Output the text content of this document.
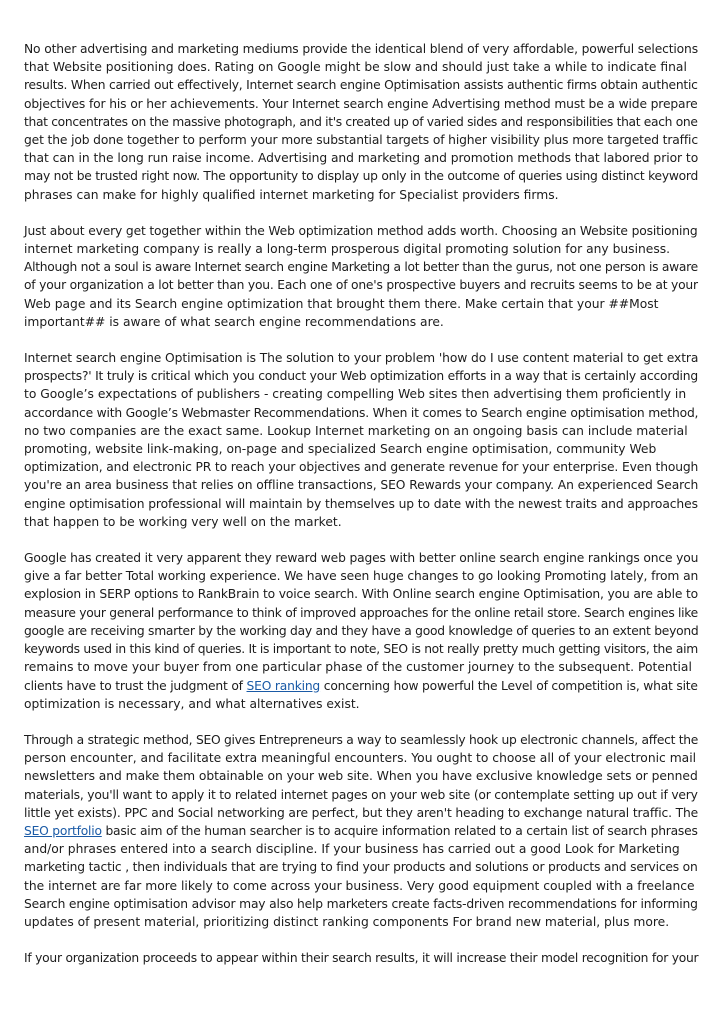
No other advertising and marketing mediums provide the identical blend of very affordable, powerful selections
that Website positioning does. Rating on Google might be slow and should just take a while to indicate final
results. When carried out effectively, Internet search engine Optimisation assists authentic firms obtain authentic
objectives for his or her achievements. Your Internet search engine Advertising method must be a wide prepare
that concentrates on the massive photograph, and it's created up of varied sides and responsibilities that each one
get the job done together to perform your more substantial targets of higher visibility plus more targeted traffic
that can in the long run raise income. Advertising and marketing and promotion methods that labored prior to
may not be trusted right now. The opportunity to display up only in the outcome of queries using distinct keyword
phrases can make for highly qualified internet marketing for Specialist providers firms.

Just about every get together within the Web optimization method adds worth. Choosing an Website positioning
internet marketing company is really a long-term prosperous digital promoting solution for any business.
Although not a soul is aware Internet search engine Marketing a lot better than the gurus, not one person is aware
of your organization a lot better than you. Each one of one's prospective buyers and recruits seems to be at your
Web page and its Search engine optimization that brought them there. Make certain that your ##Most
important## is aware of what search engine recommendations are.

Internet search engine Optimisation is The solution to your problem 'how do I use content material to get extra
prospects?' It truly is critical which you conduct your Web optimization efforts in a way that is certainly according
to Google’s expectations of publishers - creating compelling Web sites then advertising them proficiently in
accordance with Google’s Webmaster Recommendations. When it comes to Search engine optimisation method,
no two companies are the exact same. Lookup Internet marketing on an ongoing basis can include material
promoting, website link-making, on-page and specialized Search engine optimisation, community Web
optimization, and electronic PR to reach your objectives and generate revenue for your enterprise. Even though
you're an area business that relies on offline transactions, SEO Rewards your company. An experienced Search
engine optimisation professional will maintain by themselves up to date with the newest traits and approaches
that happen to be working very well on the market.

Google has created it very apparent they reward web pages with better online search engine rankings once you
give a far better Total working experience. We have seen huge changes to go looking Promoting lately, from an
explosion in SERP options to RankBrain to voice search. With Online search engine Optimisation, you are able to
measure your general performance to think of improved approaches for the online retail store. Search engines like
google are receiving smarter by the working day and they have a good knowledge of queries to an extent beyond
keywords used in this kind of queries. It is important to note, SEO is not really pretty much getting visitors, the aim
remains to move your buyer from one particular phase of the customer journey to the subsequent. Potential
clients have to trust the judgment of SEO ranking concerning how powerful the Level of competition is, what site
optimization is necessary, and what alternatives exist.

Through a strategic method, SEO gives Entrepreneurs a way to seamlessly hook up electronic channels, affect the
person encounter, and facilitate extra meaningful encounters. You ought to choose all of your electronic mail
newsletters and make them obtainable on your web site. When you have exclusive knowledge sets or penned
materials, you'll want to apply it to related internet pages on your web site (or contemplate setting up out if very
little yet exists). PPC and Social networking are perfect, but they aren't heading to exchange natural traffic. The
SEO portfolio basic aim of the human searcher is to acquire information related to a certain list of search phrases
and/or phrases entered into a search discipline. If your business has carried out a good Look for Marketing
marketing tactic , then individuals that are trying to find your products and solutions or products and services on
the internet are far more likely to come across your business. Very good equipment coupled with a freelance
Search engine optimisation advisor may also help marketers create facts-driven recommendations for informing
updates of present material, prioritizing distinct ranking components For brand new material, plus more.

If your organization proceeds to appear within their search results, it will increase their model recognition for your
